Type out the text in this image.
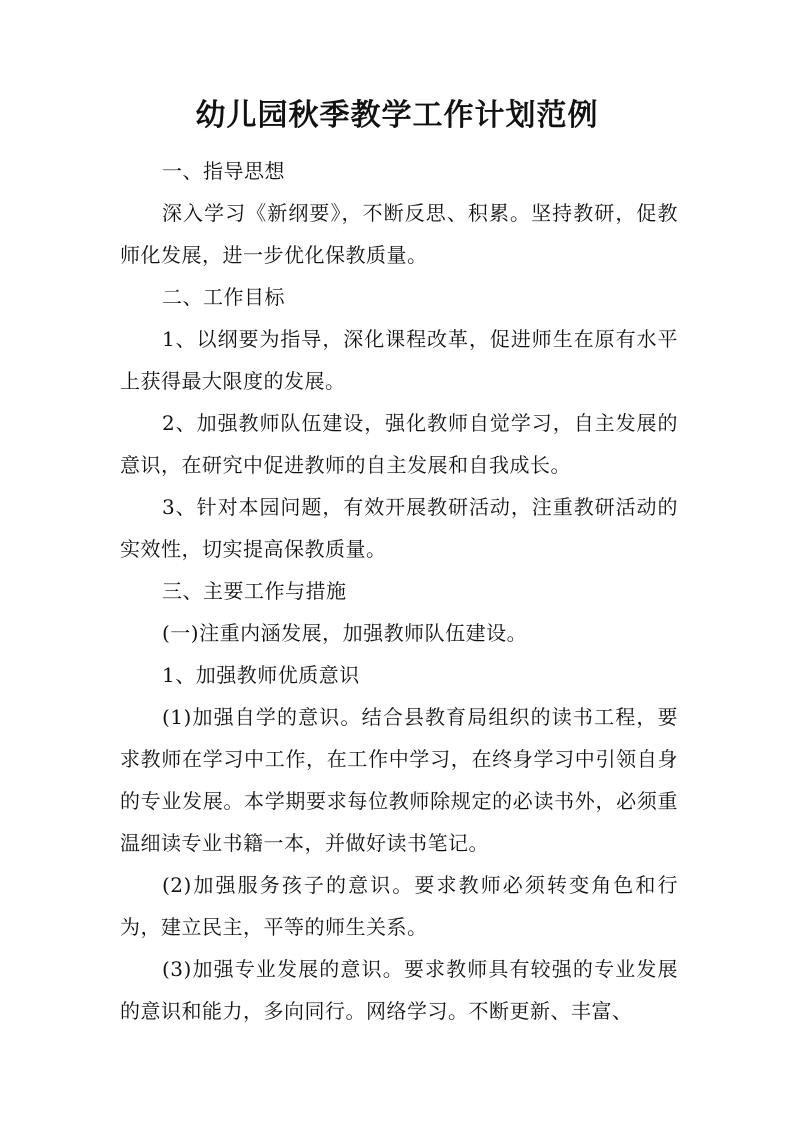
幼儿园秋季教学工作计划范例

一、指导思想

深入学习《新纲要》，不断反思、积累。坚持教研，促教师化发展，进一步优化保教质量。

二、工作目标

1、以纲要为指导，深化课程改革，促进师生在原有水平上获得最大限度的发展。

2、加强教师队伍建设，强化教师自觉学习，自主发展的意识，在研究中促进教师的自主发展和自我成长。

3、针对本园问题，有效开展教研活动，注重教研活动的实效性，切实提高保教质量。

三、主要工作与措施

(一)注重内涵发展，加强教师队伍建设。

1、加强教师优质意识

(1)加强自学的意识。结合县教育局组织的读书工程，要求教师在学习中工作，在工作中学习，在终身学习中引领自身的专业发展。本学期要求每位教师除规定的必读书外，必须重温细读专业书籍一本，并做好读书笔记。

(2)加强服务孩子的意识。要求教师必须转变角色和行为，建立民主，平等的师生关系。

(3)加强专业发展的意识。要求教师具有较强的专业发展的意识和能力，多向同行。网络学习。不断更新、丰富、
